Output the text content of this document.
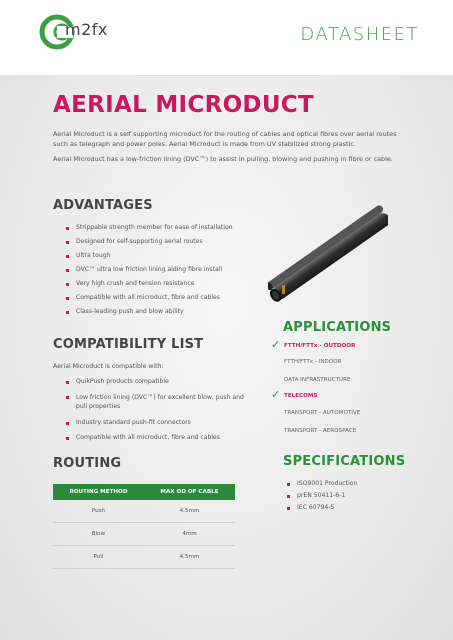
m2fx	DATASHEET
AERIAL MICRODUCT

Aerial Microduct is a self supporting microduct for the routing of cables and optical fibres over aerial routes such as telegraph and power poles. Aerial Microduct is made from UV stabilized strong plastic.

Aerial Microduct has a low-friction lining (DVC™) to assist in pulling, blowing and pushing in fibre or cable.

ADVANTAGES
Strippable strength member for ease of installation
Designed for self-supporting aerial routes
Ultra tough
DVC™ ultra low friction lining aiding fibre install
Very high crush and tension resistance
Compatible with all microduct, fibre and cables
Class-leading push and blow ability
COMPATIBILITY LIST
Aerial Microduct is compatible with:
QuikPush products compatible
Low friction lining (DVC™) for excellent blow, push and pull properties
Industry standard push-fit connectors
Compatible with all microduct, fibre and cables
APPLICATIONS
✓ FTTH/FTTx - OUTDOOR
FTTH/FTTx - INDOOR
DATA INFRASTRUCTURE
✓ TELECOMS
TRANSPORT - AUTOMOTIVE
TRANSPORT - AEROSPACE
ROUTING
ROUTING METHOD	MAX OD OF CABLE
Push	4.5mm
Blow	4mm
Pull	4.5mm
SPECIFICATIONS
ISO9001 Production
prEN 50411-6-1
IEC 60794-5
